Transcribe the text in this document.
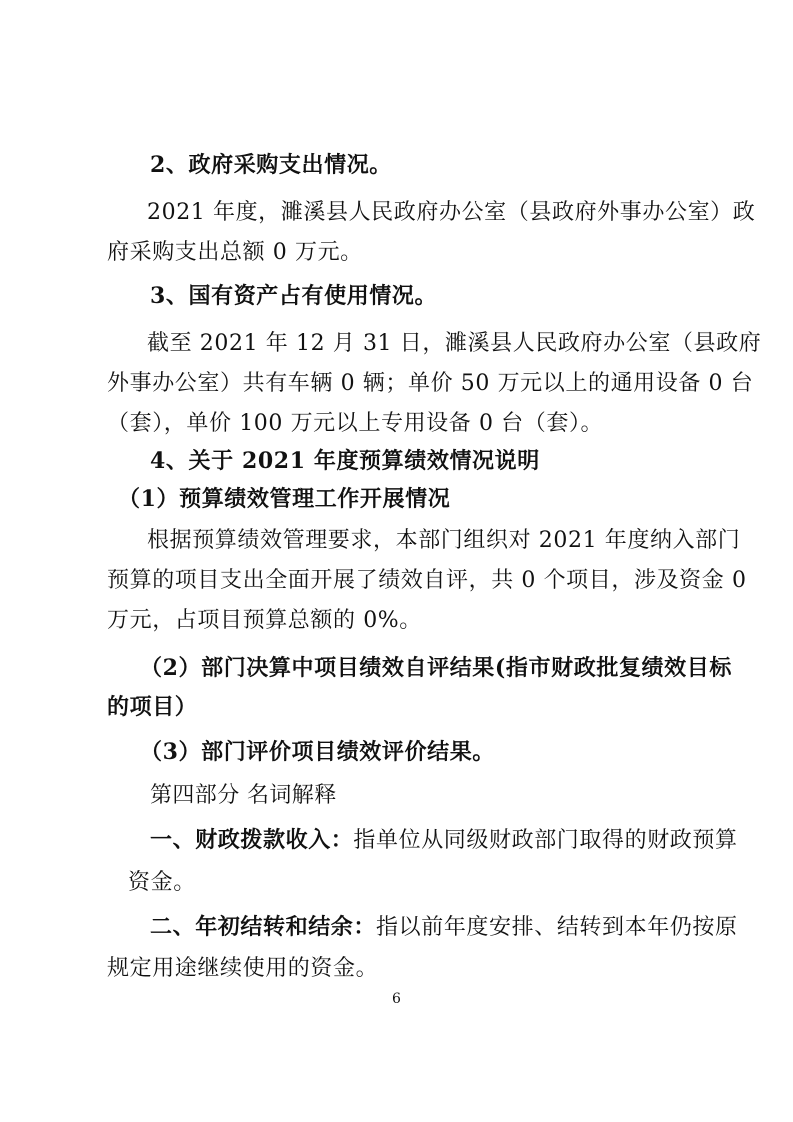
2、政府采购支出情况。
2021 年度，濉溪县人民政府办公室（县政府外事办公室）政
府采购支出总额 0 万元。
3、国有资产占有使用情况。
截至 2021 年 12 月 31 日，濉溪县人民政府办公室（县政府
外事办公室）共有车辆 0 辆；单价 50 万元以上的通用设备 0 台
（套），单价 100 万元以上专用设备 0 台（套）。
4、关于 2021 年度预算绩效情况说明
（1）预算绩效管理工作开展情况
根据预算绩效管理要求，本部门组织对 2021 年度纳入部门
预算的项目支出全面开展了绩效自评，共 0 个项目，涉及资金 0
万元，占项目预算总额的 0%。
（2）部门决算中项目绩效自评结果(指市财政批复绩效目标
的项目）
（3）部门评价项目绩效评价结果。
第四部分 名词解释
一、财政拨款收入：指单位从同级财政部门取得的财政预算
资金。
二、年初结转和结余：指以前年度安排、结转到本年仍按原
规定用途继续使用的资金。
6
